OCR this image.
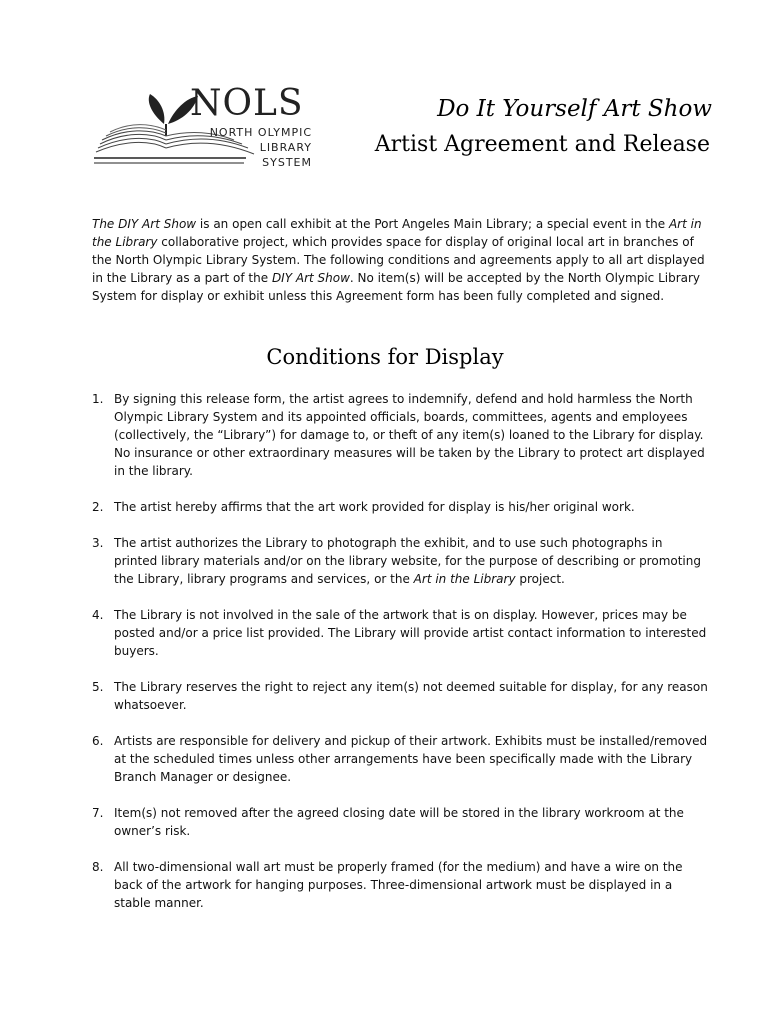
NOLS
NORTH OLYMPIC
LIBRARY
SYSTEM
Do It Yourself Art Show
Artist Agreement and Release

The DIY Art Show is an open call exhibit at the Port Angeles Main Library; a special event in the Art in the Library collaborative project, which provides space for display of original local art in branches of the North Olympic Library System. The following conditions and agreements apply to all art displayed in the Library as a part of the DIY Art Show. No item(s) will be accepted by the North Olympic Library System for display or exhibit unless this Agreement form has been fully completed and signed.

Conditions for Display
1. By signing this release form, the artist agrees to indemnify, defend and hold harmless the North Olympic Library System and its appointed officials, boards, committees, agents and employees (collectively, the “Library”) for damage to, or theft of any item(s) loaned to the Library for display. No insurance or other extraordinary measures will be taken by the Library to protect art displayed in the library.
2. The artist hereby affirms that the art work provided for display is his/her original work.
3. The artist authorizes the Library to photograph the exhibit, and to use such photographs in printed library materials and/or on the library website, for the purpose of describing or promoting the Library, library programs and services, or the Art in the Library project.
4. The Library is not involved in the sale of the artwork that is on display. However, prices may be posted and/or a price list provided. The Library will provide artist contact information to interested buyers.
5. The Library reserves the right to reject any item(s) not deemed suitable for display, for any reason whatsoever.
6. Artists are responsible for delivery and pickup of their artwork. Exhibits must be installed/removed at the scheduled times unless other arrangements have been specifically made with the Library Branch Manager or designee.
7. Item(s) not removed after the agreed closing date will be stored in the library workroom at the owner’s risk.
8. All two-dimensional wall art must be properly framed (for the medium) and have a wire on the back of the artwork for hanging purposes. Three-dimensional artwork must be displayed in a stable manner.
